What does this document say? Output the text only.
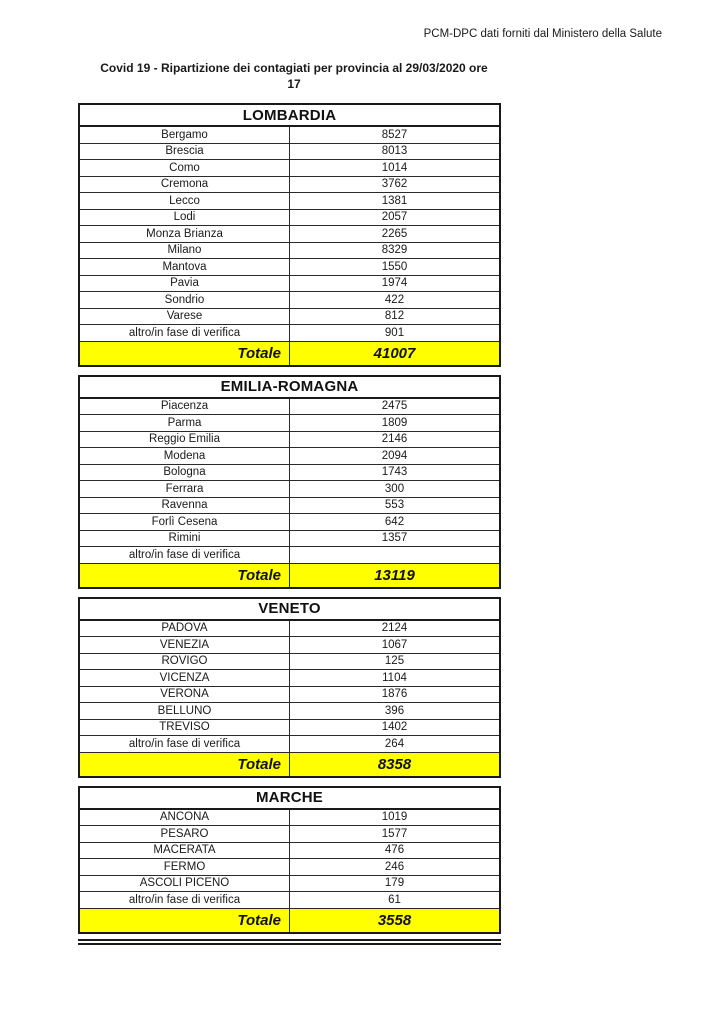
PCM-DPC dati forniti dal Ministero della Salute
Covid 19 - Ripartizione dei contagiati per provincia al 29/03/2020 ore
17
LOMBARDIA	
Bergamo	8527
Brescia	8013
Como	1014
Cremona	3762
Lecco	1381
Lodi	2057
Monza Brianza	2265
Milano	8329
Mantova	1550
Pavia	1974
Sondrio	422
Varese	812
altro/in fase di verifica	901
Totale	41007
EMILIA-ROMAGNA	
Piacenza	2475
Parma	1809
Reggio Emilia	2146
Modena	2094
Bologna	1743
Ferrara	300
Ravenna	553
Forlì Cesena	642
Rimini	1357
altro/in fase di verifica	
Totale	13119
VENETO	
PADOVA	2124
VENEZIA	1067
ROVIGO	125
VICENZA	1104
VERONA	1876
BELLUNO	396
TREVISO	1402
altro/in fase di verifica	264
Totale	8358
MARCHE	
ANCONA	1019
PESARO	1577
MACERATA	476
FERMO	246
ASCOLI PICENO	179
altro/in fase di verifica	61
Totale	3558
